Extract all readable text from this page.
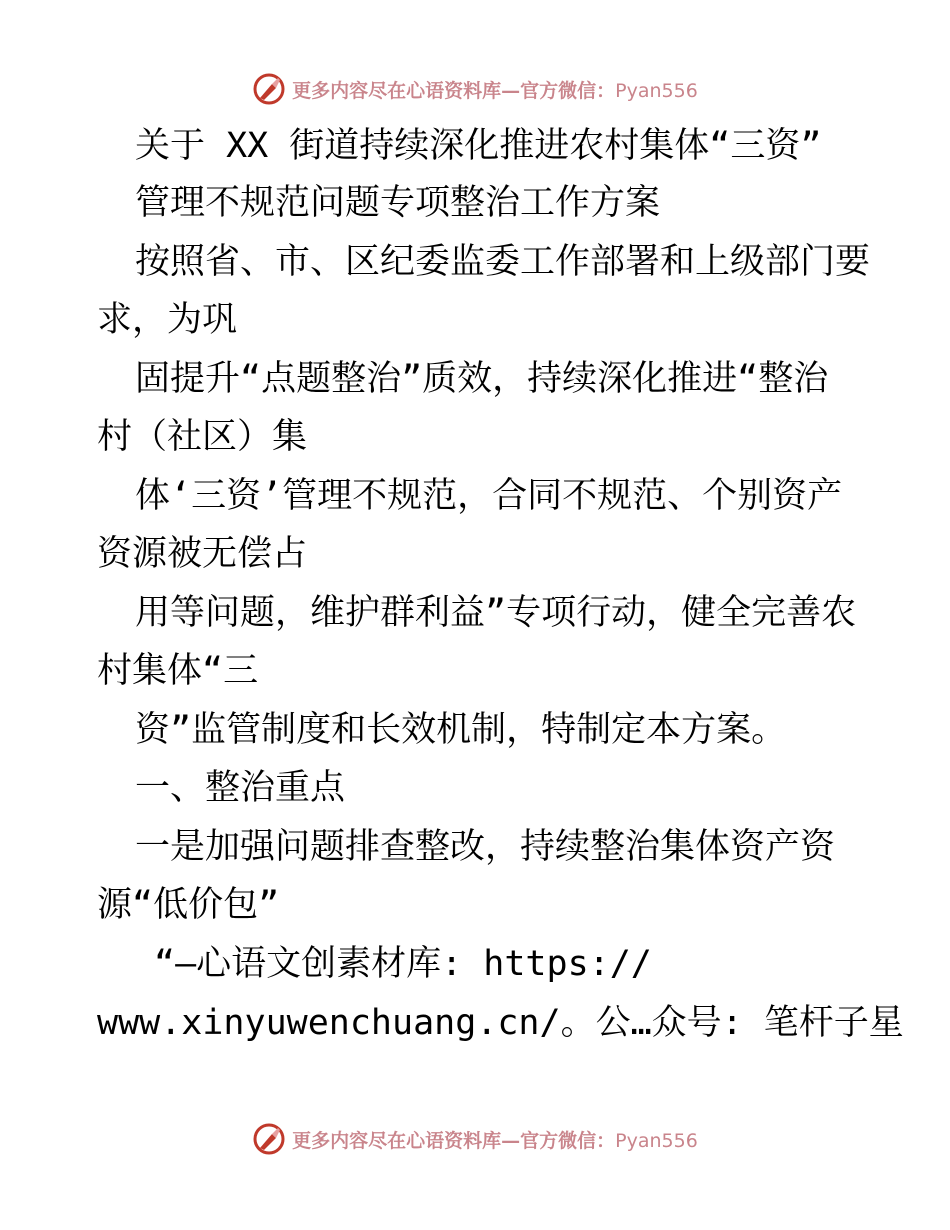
更多内容尽在心语资料库—官方微信：Pyan556
关于 XX 街道持续深化推进农村集体“三资”
管理不规范问题专项整治工作方案
按照省、市、区纪委监委工作部署和上级部门要
求，为巩
固提升“点题整治”质效，持续深化推进“整治
村（社区）集
体‘三资’管理不规范，合同不规范、个别资产
资源被无偿占
用等问题，维护群利益”专项行动，健全完善农
村集体“三
资”监管制度和长效机制，特制定本方案。
一、整治重点
一是加强问题排查整改，持续整治集体资产资
源“低价包”
“—心语文创素材库: https://
www.xinyuwenchuang.cn/。公…众号: 笔杆子星
更多内容尽在心语资料库—官方微信：Pyan556
